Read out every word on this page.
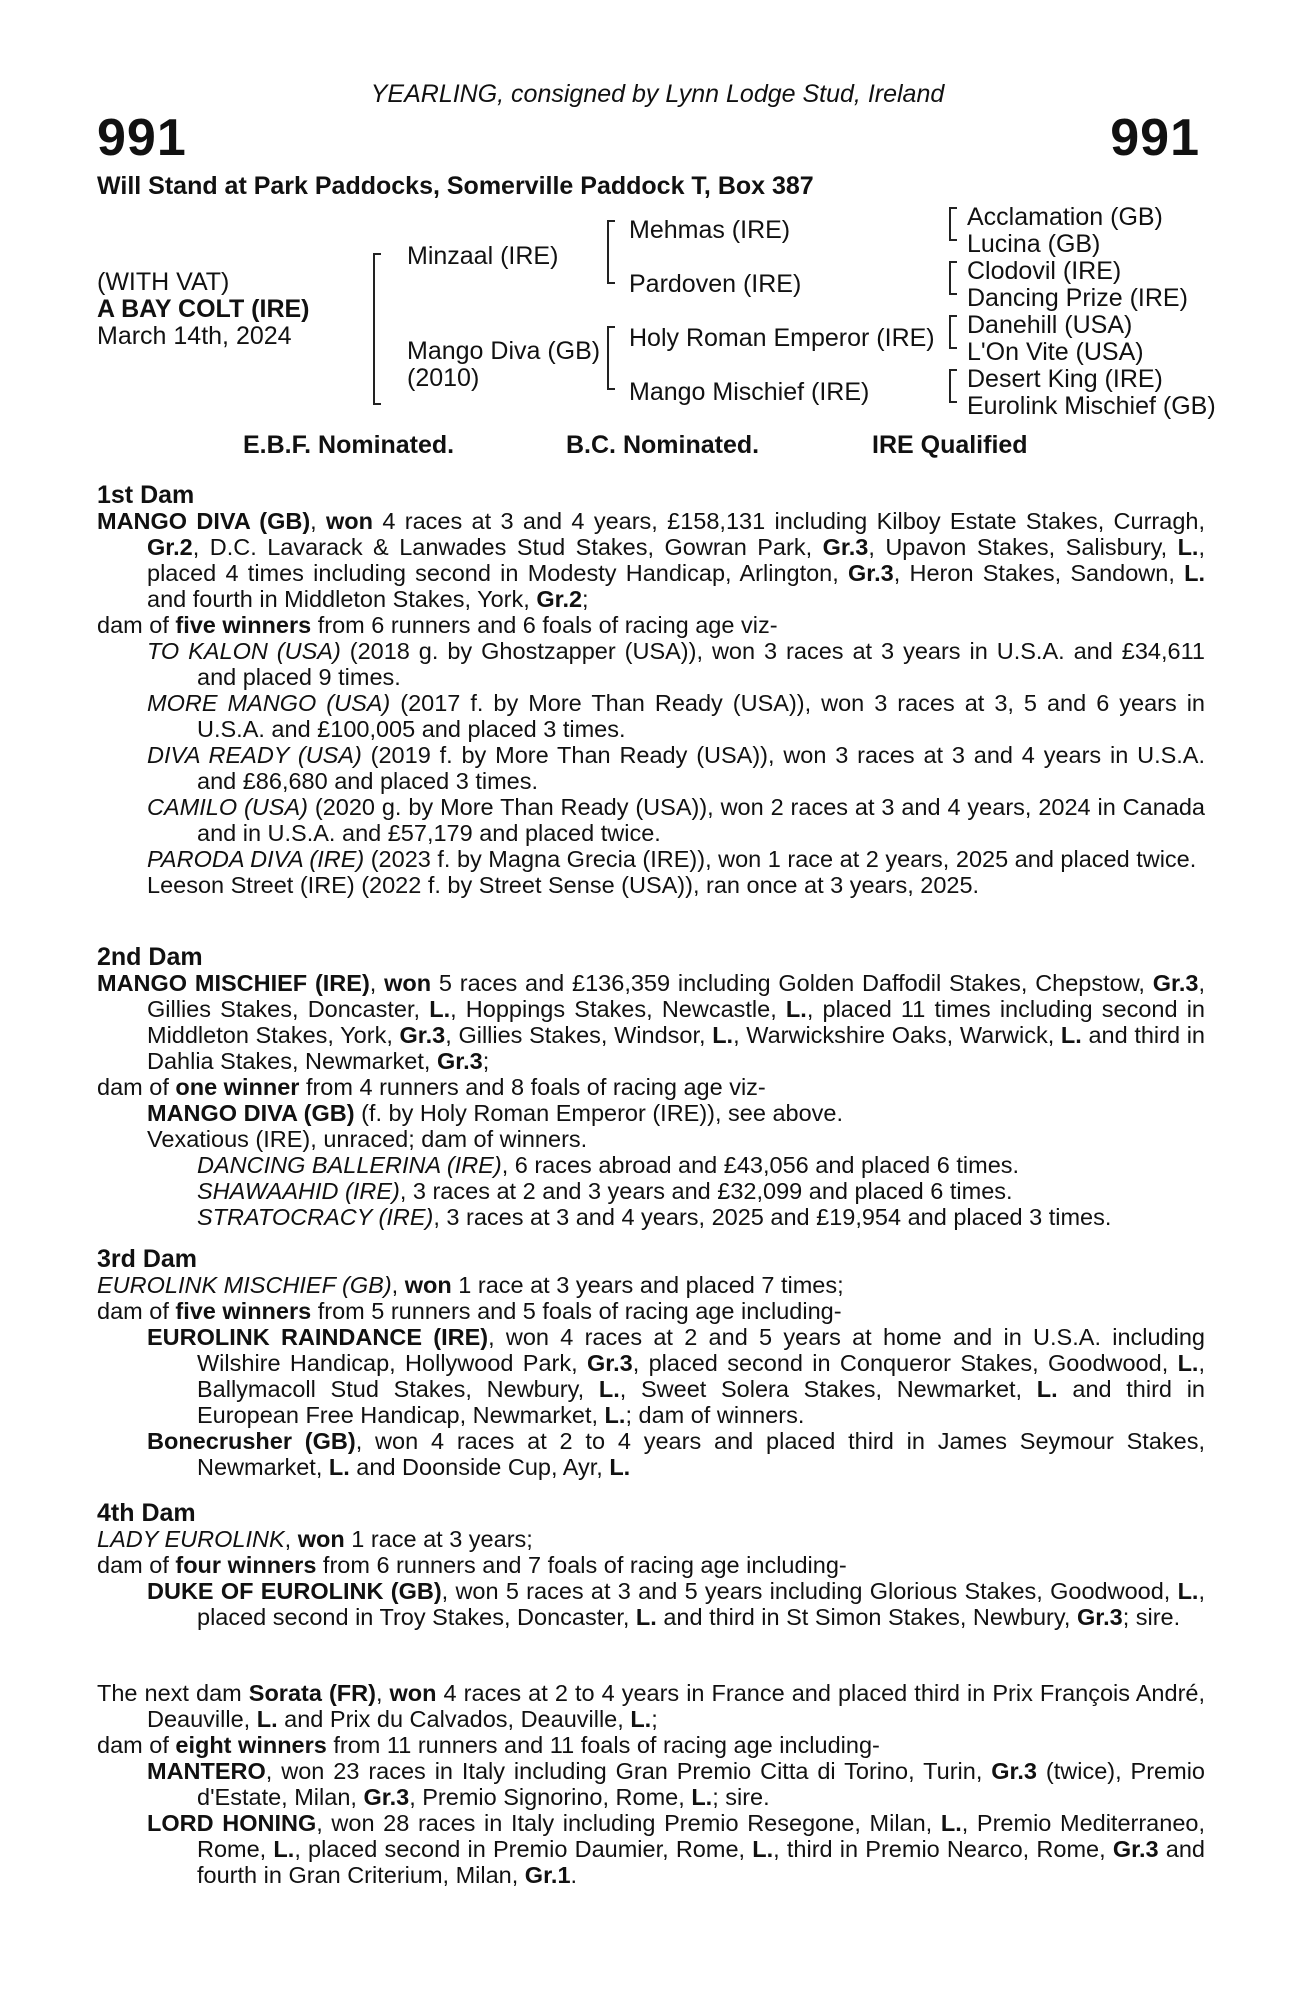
YEARLING, consigned by Lynn Lodge Stud, Ireland
991	991
Will Stand at Park Paddocks, Somerville Paddock T, Box 387
(WITH VAT)
A BAY COLT (IRE)
March 14th, 2024
Minzaal (IRE)
Mango Diva (GB)
(2010)
Mehmas (IRE)
Pardoven (IRE)
Holy Roman Emperor (IRE)
Mango Mischief (IRE)
Acclamation (GB)
Lucina (GB)
Clodovil (IRE)
Dancing Prize (IRE)
Danehill (USA)
L'On Vite (USA)
Desert King (IRE)
Eurolink Mischief (GB)
E.B.F. Nominated.	B.C. Nominated.	IRE Qualified
1st Dam

MANGO DIVA (GB), won 4 races at 3 and 4 years, £158,131 including Kilboy Estate Stakes, Curragh, Gr.2, D.C. Lavarack & Lanwades Stud Stakes, Gowran Park, Gr.3, Upavon Stakes, Salisbury, L., placed 4 times including second in Modesty Handicap, Arlington, Gr.3, Heron Stakes, Sandown, L. and fourth in Middleton Stakes, York, Gr.2;

dam of five winners from 6 runners and 6 foals of racing age viz-

TO KALON (USA) (2018 g. by Ghostzapper (USA)), won 3 races at 3 years in U.S.A. and £34,611 and placed 9 times.

MORE MANGO (USA) (2017 f. by More Than Ready (USA)), won 3 races at 3, 5 and 6 years in U.S.A. and £100,005 and placed 3 times.

DIVA READY (USA) (2019 f. by More Than Ready (USA)), won 3 races at 3 and 4 years in U.S.A. and £86,680 and placed 3 times.

CAMILO (USA) (2020 g. by More Than Ready (USA)), won 2 races at 3 and 4 years, 2024 in Canada and in U.S.A. and £57,179 and placed twice.

PARODA DIVA (IRE) (2023 f. by Magna Grecia (IRE)), won 1 race at 2 years, 2025 and placed twice.

Leeson Street (IRE) (2022 f. by Street Sense (USA)), ran once at 3 years, 2025.

2nd Dam

MANGO MISCHIEF (IRE), won 5 races and £136,359 including Golden Daffodil Stakes, Chepstow, Gr.3, Gillies Stakes, Doncaster, L., Hoppings Stakes, Newcastle, L., placed 11 times including second in Middleton Stakes, York, Gr.3, Gillies Stakes, Windsor, L., Warwickshire Oaks, Warwick, L. and third in Dahlia Stakes, Newmarket, Gr.3;

dam of one winner from 4 runners and 8 foals of racing age viz-

MANGO DIVA (GB) (f. by Holy Roman Emperor (IRE)), see above.

Vexatious (IRE), unraced; dam of winners.

DANCING BALLERINA (IRE), 6 races abroad and £43,056 and placed 6 times.

SHAWAAHID (IRE), 3 races at 2 and 3 years and £32,099 and placed 6 times.

STRATOCRACY (IRE), 3 races at 3 and 4 years, 2025 and £19,954 and placed 3 times.

3rd Dam

EUROLINK MISCHIEF (GB), won 1 race at 3 years and placed 7 times;

dam of five winners from 5 runners and 5 foals of racing age including-

EUROLINK RAINDANCE (IRE), won 4 races at 2 and 5 years at home and in U.S.A. including Wilshire Handicap, Hollywood Park, Gr.3, placed second in Conqueror Stakes, Goodwood, L., Ballymacoll Stud Stakes, Newbury, L., Sweet Solera Stakes, Newmarket, L. and third in European Free Handicap, Newmarket, L.; dam of winners.

Bonecrusher (GB), won 4 races at 2 to 4 years and placed third in James Seymour Stakes, Newmarket, L. and Doonside Cup, Ayr, L.

4th Dam

LADY EUROLINK, won 1 race at 3 years;

dam of four winners from 6 runners and 7 foals of racing age including-

DUKE OF EUROLINK (GB), won 5 races at 3 and 5 years including Glorious Stakes, Goodwood, L., placed second in Troy Stakes, Doncaster, L. and third in St Simon Stakes, Newbury, Gr.3; sire.

The next dam Sorata (FR), won 4 races at 2 to 4 years in France and placed third in Prix François André, Deauville, L. and Prix du Calvados, Deauville, L.;

dam of eight winners from 11 runners and 11 foals of racing age including-

MANTERO, won 23 races in Italy including Gran Premio Citta di Torino, Turin, Gr.3 (twice), Premio d'Estate, Milan, Gr.3, Premio Signorino, Rome, L.; sire.

LORD HONING, won 28 races in Italy including Premio Resegone, Milan, L., Premio Mediterraneo, Rome, L., placed second in Premio Daumier, Rome, L., third in Premio Nearco, Rome, Gr.3 and fourth in Gran Criterium, Milan, Gr.1.
